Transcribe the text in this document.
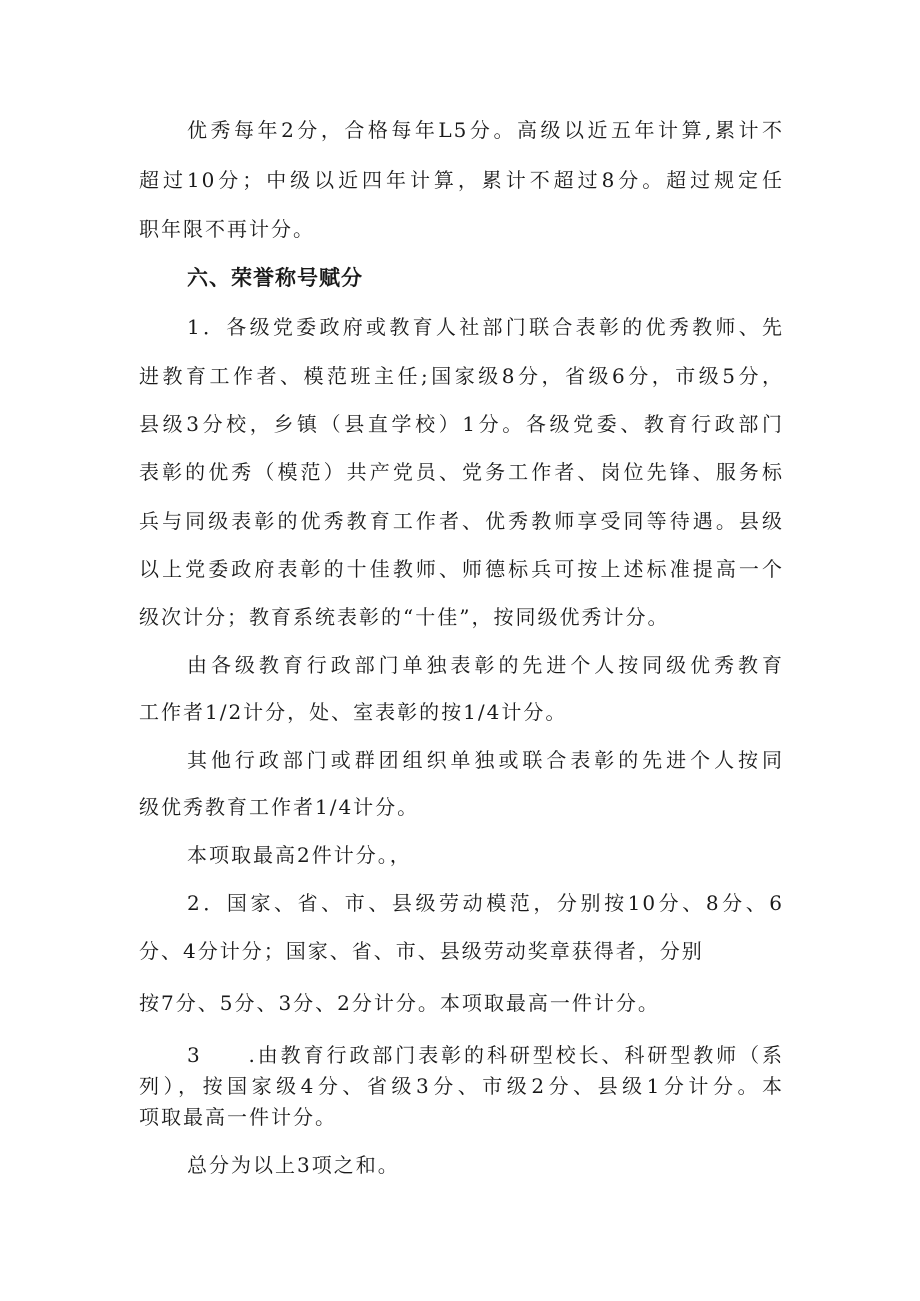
优秀每年2分，合格每年L5分。高级以近五年计算,累计不
超过10分；中级以近四年计算，累计不超过8分。超过规定任
职年限不再计分。
六、荣誉称号赋分
1．各级党委政府或教育人社部门联合表彰的优秀教师、先
进教育工作者、模范班主任;国家级8分，省级6分，市级5分，
县级3分校，乡镇（县直学校）1分。各级党委、教育行政部门
表彰的优秀（模范）共产党员、党务工作者、岗位先锋、服务标
兵与同级表彰的优秀教育工作者、优秀教师享受同等待遇。县级
以上党委政府表彰的十佳教师、师德标兵可按上述标准提高一个
级次计分；教育系统表彰的“十佳”，按同级优秀计分。
由各级教育行政部门单独表彰的先进个人按同级优秀教育
工作者1/2计分，处、室表彰的按1/4计分。
其他行政部门或群团组织单独或联合表彰的先进个人按同
级优秀教育工作者1/4计分。
本项取最高2件计分。，
2．国家、省、市、县级劳动模范，分别按10分、8分、6
分、4分计分；国家、省、市、县级劳动奖章获得者，分别
按7分、5分、3分、2分计分。本项取最高一件计分。
3　　.由教育行政部门表彰的科研型校长、科研型教师（系
列），按国家级4分、省级3分、市级2分、县级1分计分。本
项取最高一件计分。
总分为以上3项之和。
